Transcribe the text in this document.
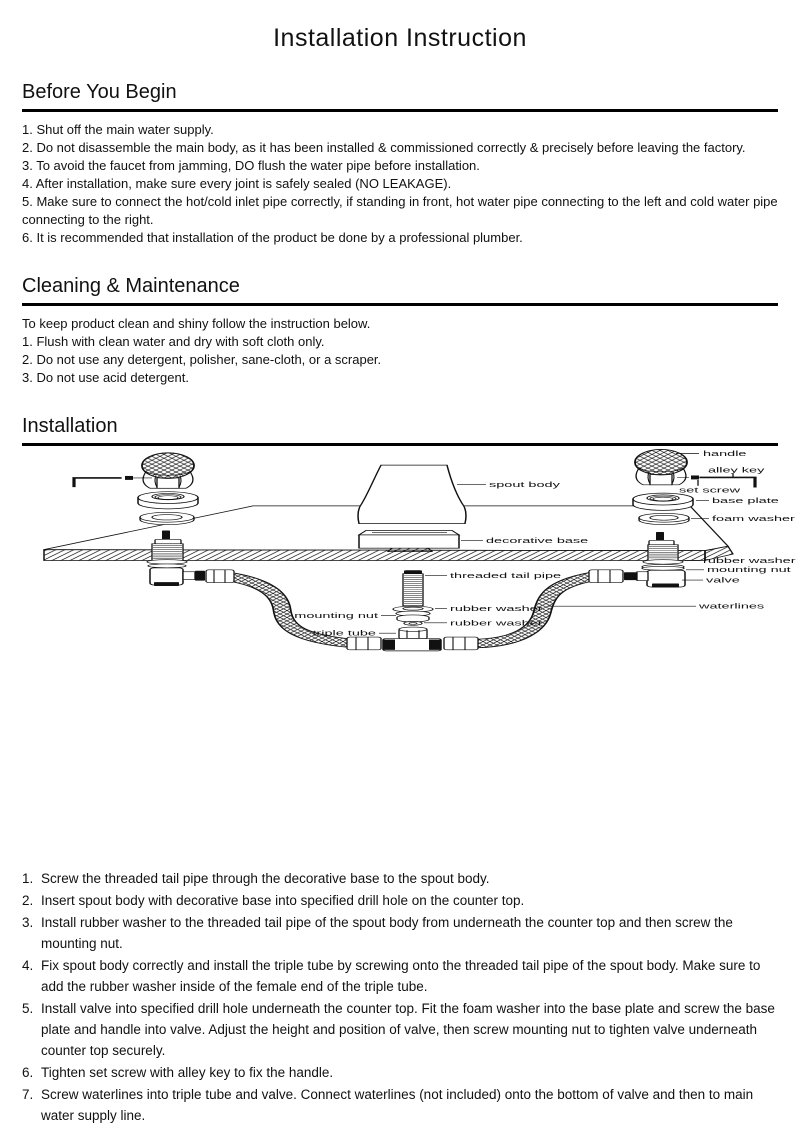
Installation Instruction
Before You Begin

1. Shut off the main water supply.

2. Do not disassemble the main body, as it has been installed & commissioned correctly & precisely before leaving the factory.

3. To avoid the faucet from jamming, DO flush the water pipe before installation.

4. After installation, make sure every joint is safely sealed (NO LEAKAGE).

5. Make sure to connect the hot/cold inlet pipe correctly, if standing in front, hot water pipe connecting to the left and cold water pipe connecting to the right.

6. It is recommended that installation of the product be done by a professional plumber.

Cleaning & Maintenance

To keep product clean and shiny follow the instruction below.

1. Flush with clean water and dry with soft cloth only.

2. Do not use any detergent, polisher, sane-cloth, or a scraper.

3. Do not use acid detergent.

Installation
handle
alley key
set screw
base plate
foam washer
spout body
decorative base
rubber washer
mounting nut
valve
waterlines
threaded tail pipe
rubber washer
rubber washer
mounting nut
triple tube
1. Screw the threaded tail pipe through the decorative base to the spout body.
2. Insert spout body with decorative base into specified drill hole on the counter top.
3. Install rubber washer to the threaded tail pipe of the spout body from underneath the counter top and then screw the mounting nut.
4. Fix spout body correctly and install the triple tube by screwing onto the threaded tail pipe of the spout body. Make sure to add the rubber washer inside of the female end of the triple tube.
5. Install valve into specified drill hole underneath the counter top. Fit the foam washer into the base plate and screw the base plate and handle into valve. Adjust the height and position of valve, then screw mounting nut to tighten valve underneath counter top securely.
6. Tighten set screw with alley key to fix the handle.
7. Screw waterlines into triple tube and valve. Connect waterlines (not included) onto the bottom of valve and then to main water supply line.
